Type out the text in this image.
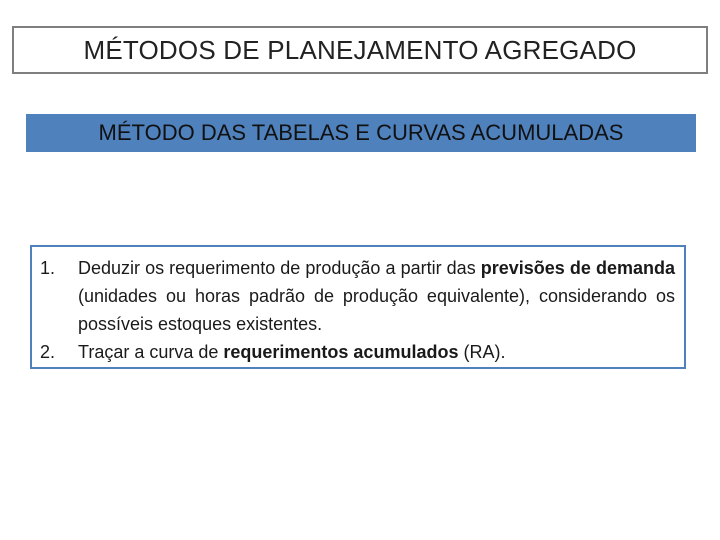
MÉTODOS DE PLANEJAMENTO AGREGADO
MÉTODO DAS TABELAS E CURVAS ACUMULADAS
1.	Deduzir os requerimento de produção a partir das previsões de demanda (unidades ou horas padrão de produção equivalente), considerando os possíveis estoques existentes.
2.	Traçar a curva de requerimentos acumulados (RA).
